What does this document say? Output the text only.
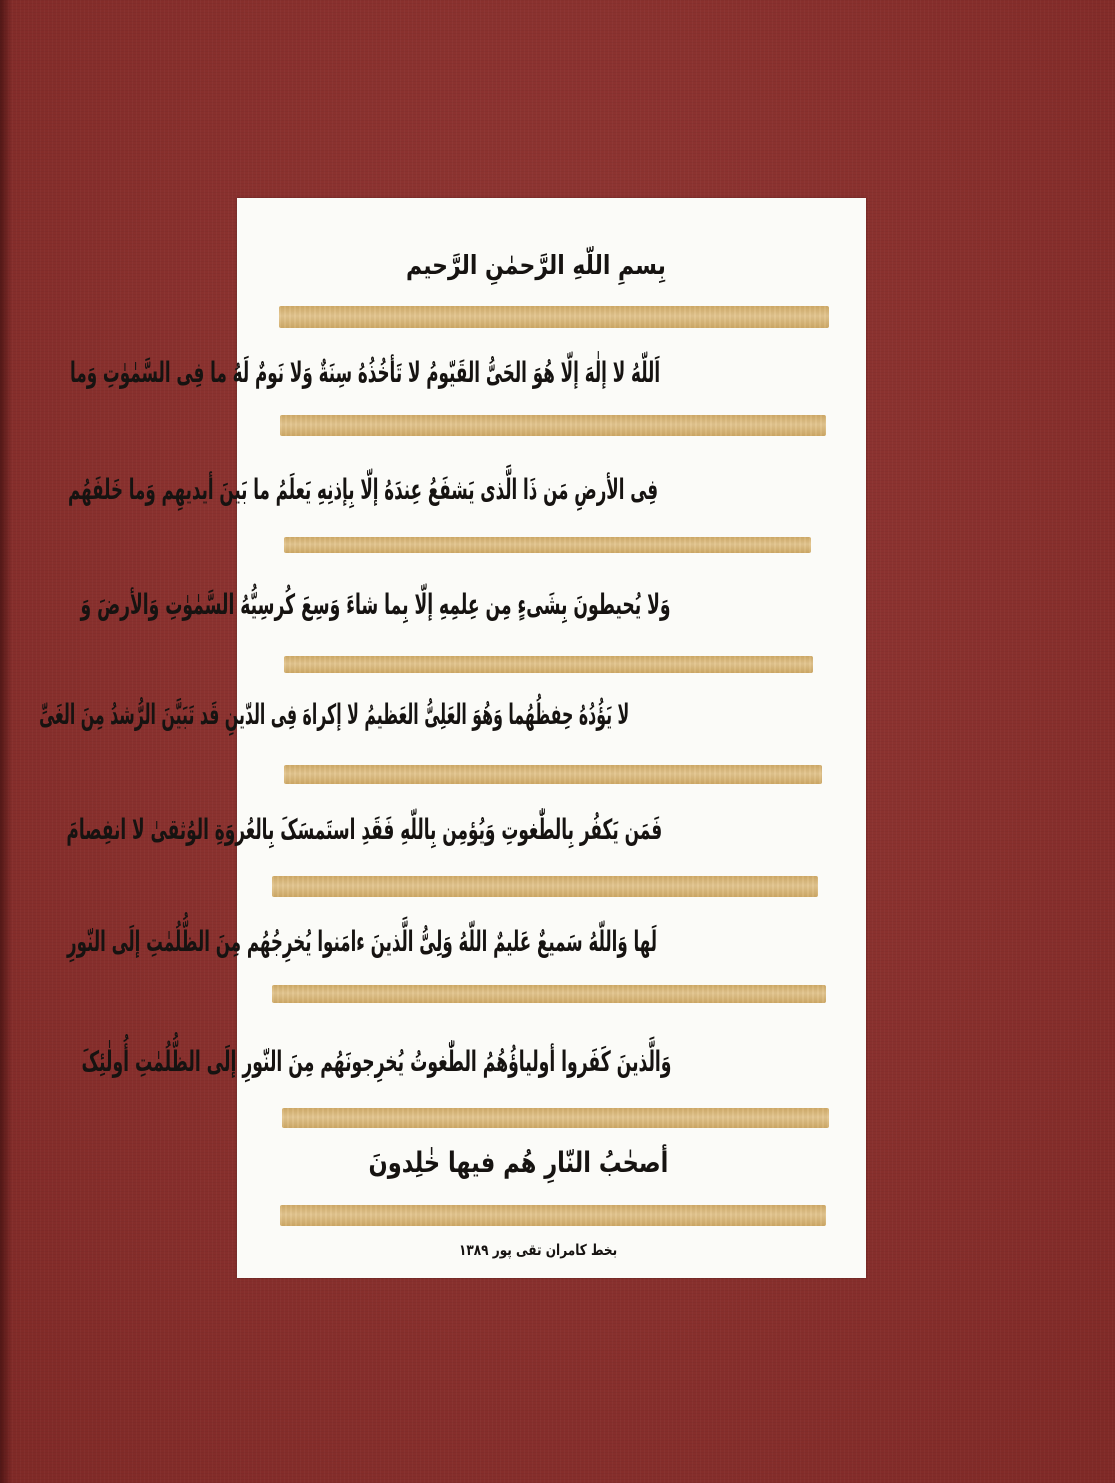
بِسمِ اللّهِ الرَّحمٰنِ الرَّحیم
اَللّهُ لا إلٰهَ إلّا هُوَ الحَیُّ القَیّومُ لا تَأخُذُهُ سِنَةٌ وَلا نَومٌ لَهُ ما فِی السَّمٰوٰتِ وَما
فِی الأرضِ مَن ذَا الَّذی یَشفَعُ عِندَهُ إلّا بِإذنِهِ یَعلَمُ ما بَینَ أیدیهِم وَما خَلفَهُم
وَلا یُحیطونَ بِشَیءٍ مِن عِلمِهِ إلّا بِما شاءَ وَسِعَ کُرسِیُّهُ السَّمٰوٰتِ وَالأرضَ وَ
لا یَؤُدُهُ حِفظُهُما وَهُوَ العَلِیُّ العَظیمُ لا إکراهَ فِی الدّینِ قَد تَبَیَّنَ الرُّشدُ مِنَ الغَیِّ
فَمَن یَکفُر بِالطّٰغوتِ وَیُؤمِن بِاللّهِ فَقَدِ استَمسَکَ بِالعُروَةِ الوُثقیٰ لا انفِصامَ
لَها وَاللّهُ سَمیعٌ عَلیمٌ اللّهُ وَلِیُّ الَّذینَ ءامَنوا یُخرِجُهُم مِنَ الظُّلُمٰتِ إلَی النّورِ
وَالَّذینَ کَفَروا أولیاؤُهُمُ الطّٰغوتُ یُخرِجونَهُم مِنَ النّورِ إلَی الظُّلُمٰتِ أُولٰئِکَ
أصحٰبُ النّارِ هُم فیها خٰلِدونَ
بخط کامران تقی پور ۱۳۸۹
